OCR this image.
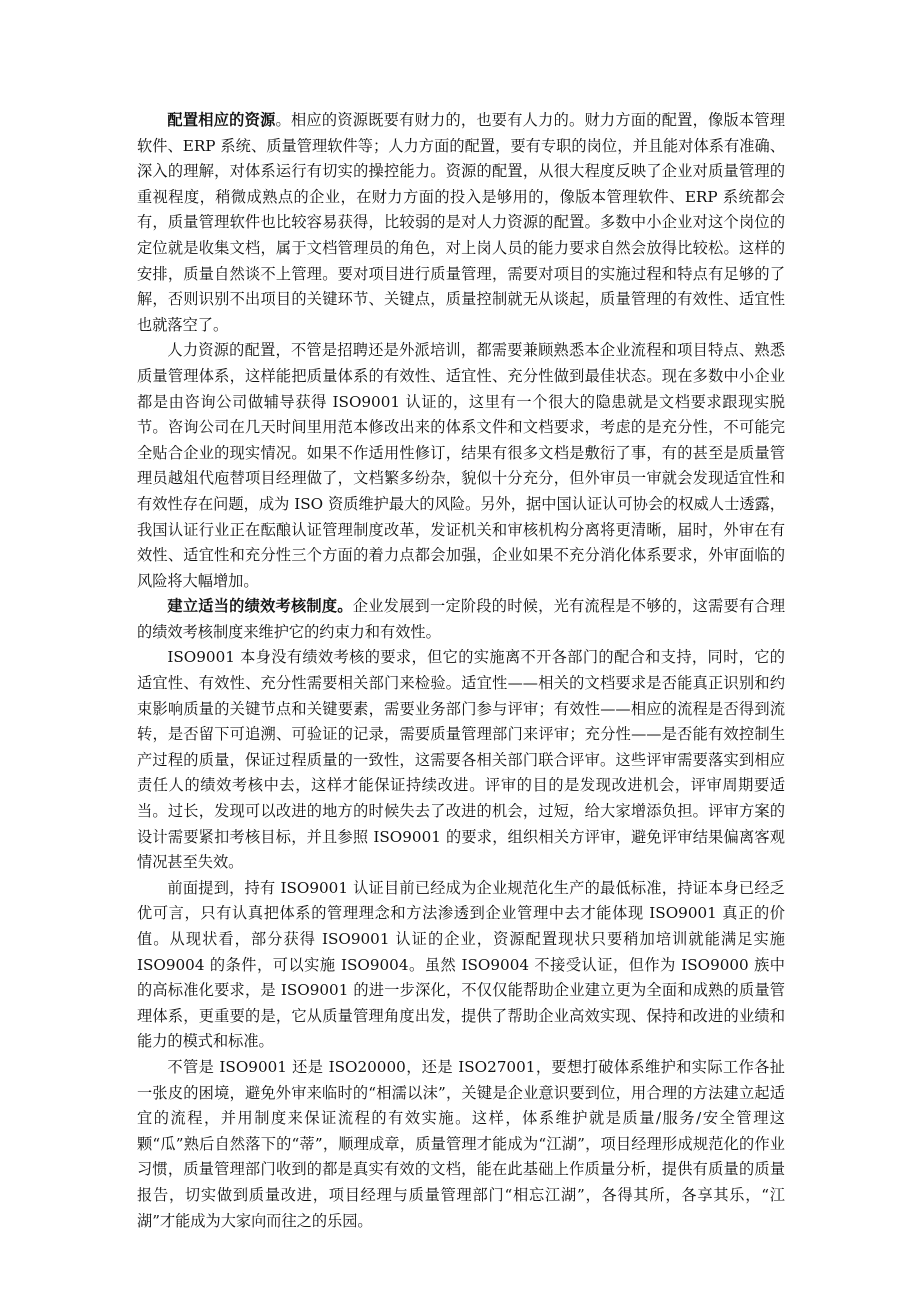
配置相应的资源。相应的资源既要有财力的，也要有人力的。财力方面的配置，像版本管理软件、ERP 系统、质量管理软件等；人力方面的配置，要有专职的岗位，并且能对体系有准确、深入的理解，对体系运行有切实的操控能力。资源的配置，从很大程度反映了企业对质量管理的重视程度，稍微成熟点的企业，在财力方面的投入是够用的，像版本管理软件、ERP 系统都会有，质量管理软件也比较容易获得，比较弱的是对人力资源的配置。多数中小企业对这个岗位的定位就是收集文档，属于文档管理员的角色，对上岗人员的能力要求自然会放得比较松。这样的安排，质量自然谈不上管理。要对项目进行质量管理，需要对项目的实施过程和特点有足够的了解，否则识别不出项目的关键环节、关键点，质量控制就无从谈起，质量管理的有效性、适宜性也就落空了。

人力资源的配置，不管是招聘还是外派培训，都需要兼顾熟悉本企业流程和项目特点、熟悉质量管理体系，这样能把质量体系的有效性、适宜性、充分性做到最佳状态。现在多数中小企业都是由咨询公司做辅导获得 ISO9001 认证的，这里有一个很大的隐患就是文档要求跟现实脱节。咨询公司在几天时间里用范本修改出来的体系文件和文档要求，考虑的是充分性，不可能完全贴合企业的现实情况。如果不作适用性修订，结果有很多文档是敷衍了事，有的甚至是质量管理员越俎代庖替项目经理做了，文档繁多纷杂，貌似十分充分，但外审员一审就会发现适宜性和有效性存在问题，成为 ISO 资质维护最大的风险。另外，据中国认证认可协会的权威人士透露，我国认证行业正在酝酿认证管理制度改革，发证机关和审核机构分离将更清晰，届时，外审在有效性、适宜性和充分性三个方面的着力点都会加强，企业如果不充分消化体系要求，外审面临的风险将大幅增加。

建立适当的绩效考核制度。企业发展到一定阶段的时候，光有流程是不够的，这需要有合理的绩效考核制度来维护它的约束力和有效性。

ISO9001 本身没有绩效考核的要求，但它的实施离不开各部门的配合和支持，同时，它的适宜性、有效性、充分性需要相关部门来检验。适宜性——相关的文档要求是否能真正识别和约束影响质量的关键节点和关键要素，需要业务部门参与评审；有效性——相应的流程是否得到流转，是否留下可追溯、可验证的记录，需要质量管理部门来评审；充分性——是否能有效控制生产过程的质量，保证过程质量的一致性，这需要各相关部门联合评审。这些评审需要落实到相应责任人的绩效考核中去，这样才能保证持续改进。评审的目的是发现改进机会，评审周期要适当。过长，发现可以改进的地方的时候失去了改进的机会，过短，给大家增添负担。评审方案的设计需要紧扣考核目标，并且参照 ISO9001 的要求，组织相关方评审，避免评审结果偏离客观情况甚至失效。

前面提到，持有 ISO9001 认证目前已经成为企业规范化生产的最低标准，持证本身已经乏优可言，只有认真把体系的管理理念和方法渗透到企业管理中去才能体现 ISO9001 真正的价值。从现状看，部分获得 ISO9001 认证的企业，资源配置现状只要稍加培训就能满足实施 ISO9004 的条件，可以实施 ISO9004。虽然 ISO9004 不接受认证，但作为 ISO9000 族中的高标准化要求，是 ISO9001 的进一步深化，不仅仅能帮助企业建立更为全面和成熟的质量管理体系，更重要的是，它从质量管理角度出发，提供了帮助企业高效实现、保持和改进的业绩和能力的模式和标准。

不管是 ISO9001 还是 ISO20000，还是 ISO27001，要想打破体系维护和实际工作各扯一张皮的困境，避免外审来临时的“相濡以沫”，关键是企业意识要到位，用合理的方法建立起适宜的流程，并用制度来保证流程的有效实施。这样，体系维护就是质量/服务/安全管理这颗“瓜”熟后自然落下的“蒂”，顺理成章，质量管理才能成为“江湖”，项目经理形成规范化的作业习惯，质量管理部门收到的都是真实有效的文档，能在此基础上作质量分析，提供有质量的质量报告，切实做到质量改进，项目经理与质量管理部门“相忘江湖”，各得其所，各享其乐，“江湖”才能成为大家向而往之的乐园。
